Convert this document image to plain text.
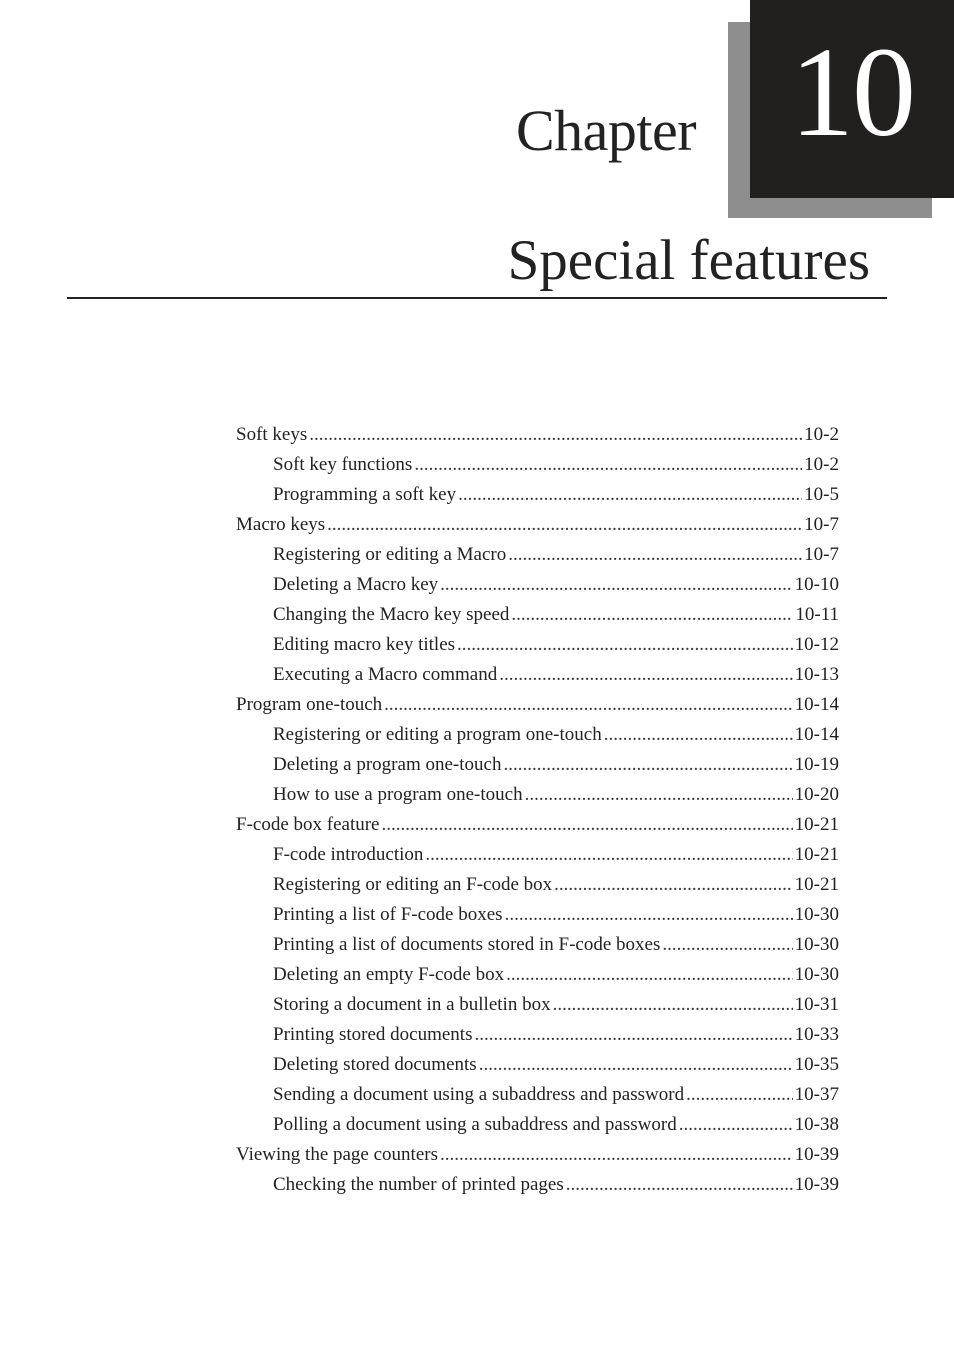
10
Chapter
Special features
Soft keys .....	10-2
Soft key functions .....	10-2
Programming a soft key .....	10-5
Macro keys .....	10-7
Registering or editing a Macro .....	10-7
Deleting a Macro key .....	10-10
Changing the Macro key speed .....	10-11
Editing macro key titles .....	10-12
Executing a Macro command .....	10-13
Program one-touch .....	10-14
Registering or editing a program one-touch .....	10-14
Deleting a program one-touch .....	10-19
How to use a program one-touch .....	10-20
F-code box feature .....	10-21
F-code introduction .....	10-21
Registering or editing an F-code box .....	10-21
Printing a list of F-code boxes .....	10-30
Printing a list of documents stored in F-code boxes .....	10-30
Deleting an empty F-code box .....	10-30
Storing a document in a bulletin box .....	10-31
Printing stored documents .....	10-33
Deleting stored documents .....	10-35
Sending a document using a subaddress and password .....	10-37
Polling a document using a subaddress and password .....	10-38
Viewing the page counters .....	10-39
Checking the number of printed pages .....	10-39
